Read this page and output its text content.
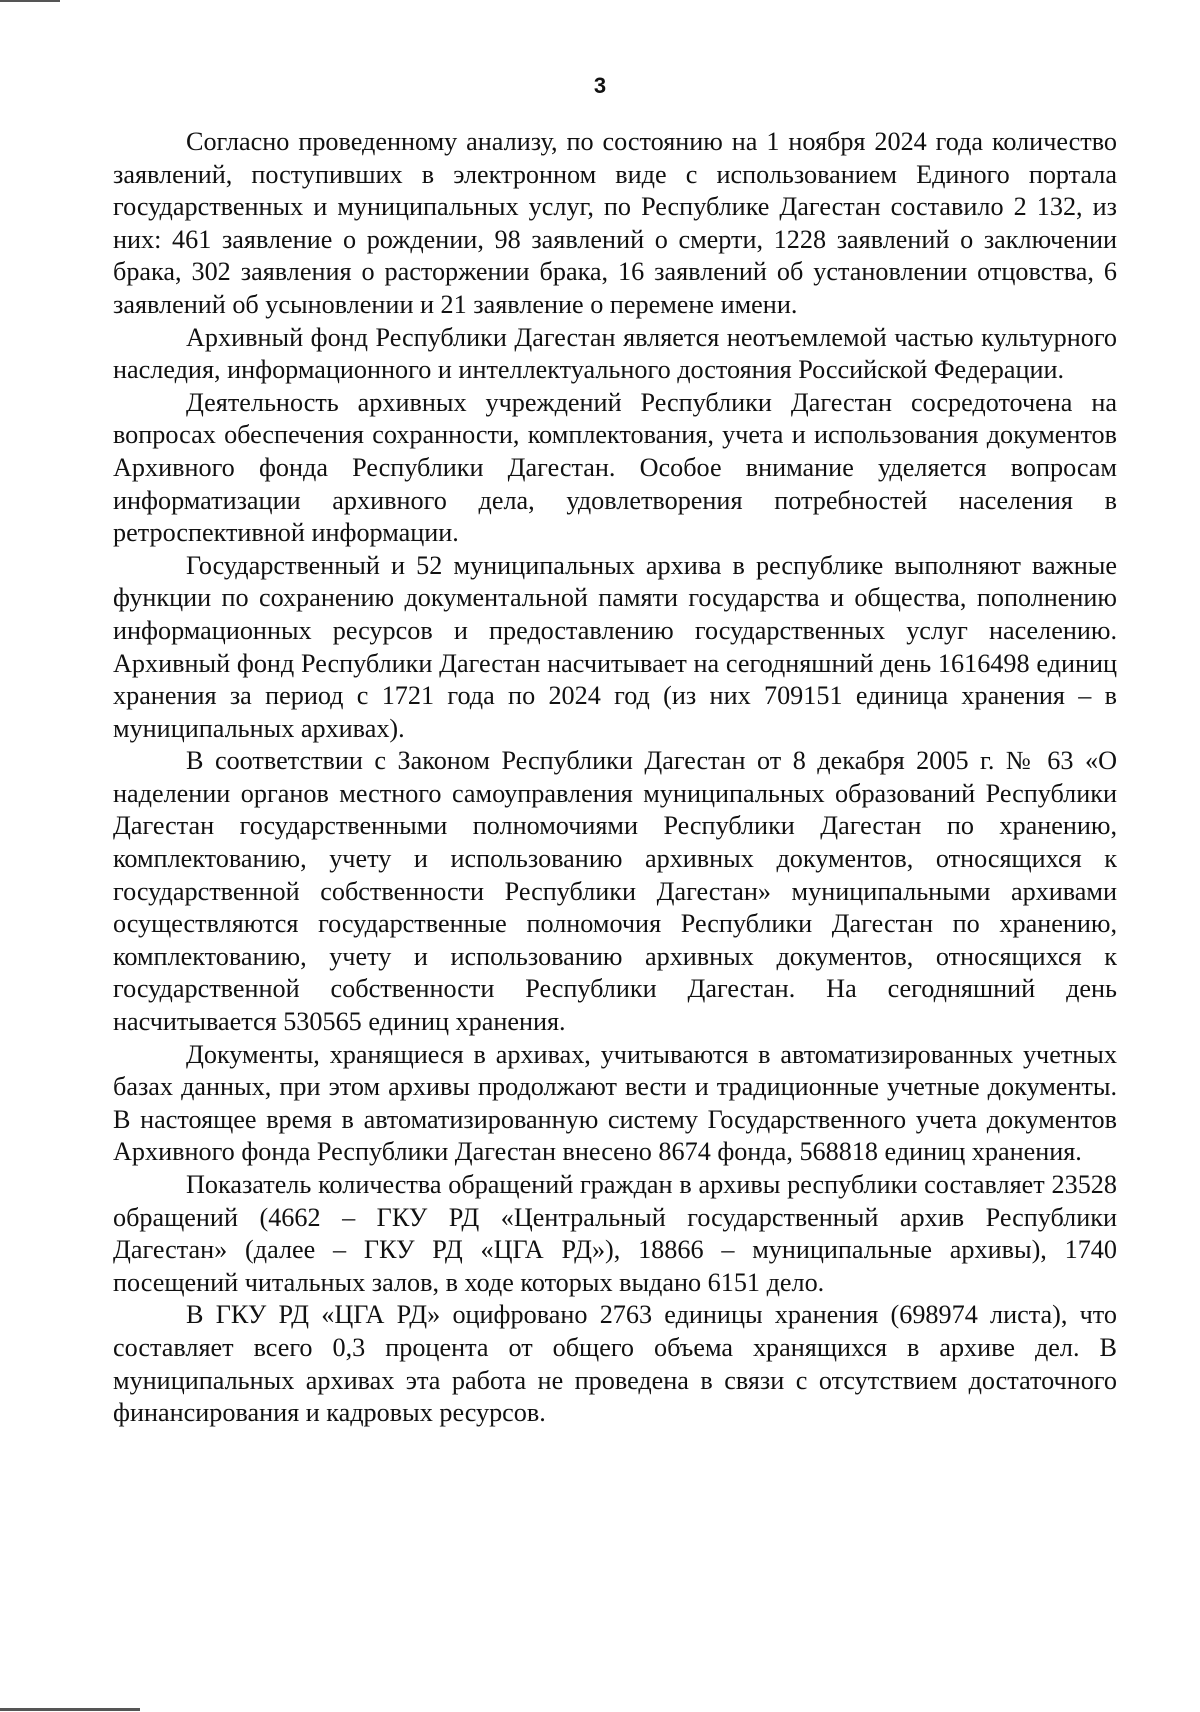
3

Согласно проведенному анализу, по состоянию на 1 ноября 2024 года количество заявлений, поступивших в электронном виде с использованием Единого портала государственных и муниципальных услуг, по Республике Дагестан составило 2 132, из них: 461 заявление о рождении, 98 заявлений о смерти, 1228 заявлений о заключении брака, 302 заявления о расторжении брака, 16 заявлений об установлении отцовства, 6 заявлений об усыновлении и 21 заявление о перемене имени.

Архивный фонд Республики Дагестан является неотъемлемой частью культурного наследия, информационного и интеллектуального достояния Российской Федерации.

Деятельность архивных учреждений Республики Дагестан сосредоточена на вопросах обеспечения сохранности, комплектования, учета и использования документов Архивного фонда Республики Дагестан. Особое внимание уделяется вопросам информатизации архивного дела, удовлетворения потребностей населения в ретроспективной информации.

Государственный и 52 муниципальных архива в республике выполняют важные функции по сохранению документальной памяти государства и общества, пополнению информационных ресурсов и предоставлению государственных услуг населению. Архивный фонд Республики Дагестан насчитывает на сегодняшний день 1616498 единиц хранения за период с 1721 года по 2024 год (из них 709151 единица хранения – в муниципальных архивах).

В соответствии с Законом Республики Дагестан от 8 декабря 2005 г. № 63 «О наделении органов местного самоуправления муниципальных образований Республики Дагестан государственными полномочиями Республики Дагестан по хранению, комплектованию, учету и использованию архивных документов, относящихся к государственной собственности Республики Дагестан» муниципальными архивами осуществляются государственные полномочия Республики Дагестан по хранению, комплектованию, учету и использованию архивных документов, относящихся к государственной собственности Республики Дагестан. На сегодняшний день насчитывается 530565 единиц хранения.

Документы, хранящиеся в архивах, учитываются в автоматизированных учетных базах данных, при этом архивы продолжают вести и традиционные учетные документы. В настоящее время в автоматизированную систему Государственного учета документов Архивного фонда Республики Дагестан внесено 8674 фонда, 568818 единиц хранения.

Показатель количества обращений граждан в архивы республики составляет 23528 обращений (4662 – ГКУ РД «Центральный государственный архив Республики Дагестан» (далее – ГКУ РД «ЦГА РД»), 18866 – муниципальные архивы), 1740 посещений читальных залов, в ходе которых выдано 6151 дело.

В ГКУ РД «ЦГА РД» оцифровано 2763 единицы хранения (698974 листа), что составляет всего 0,3 процента от общего объема хранящихся в архиве дел. В муниципальных архивах эта работа не проведена в связи с отсутствием достаточного финансирования и кадровых ресурсов.
